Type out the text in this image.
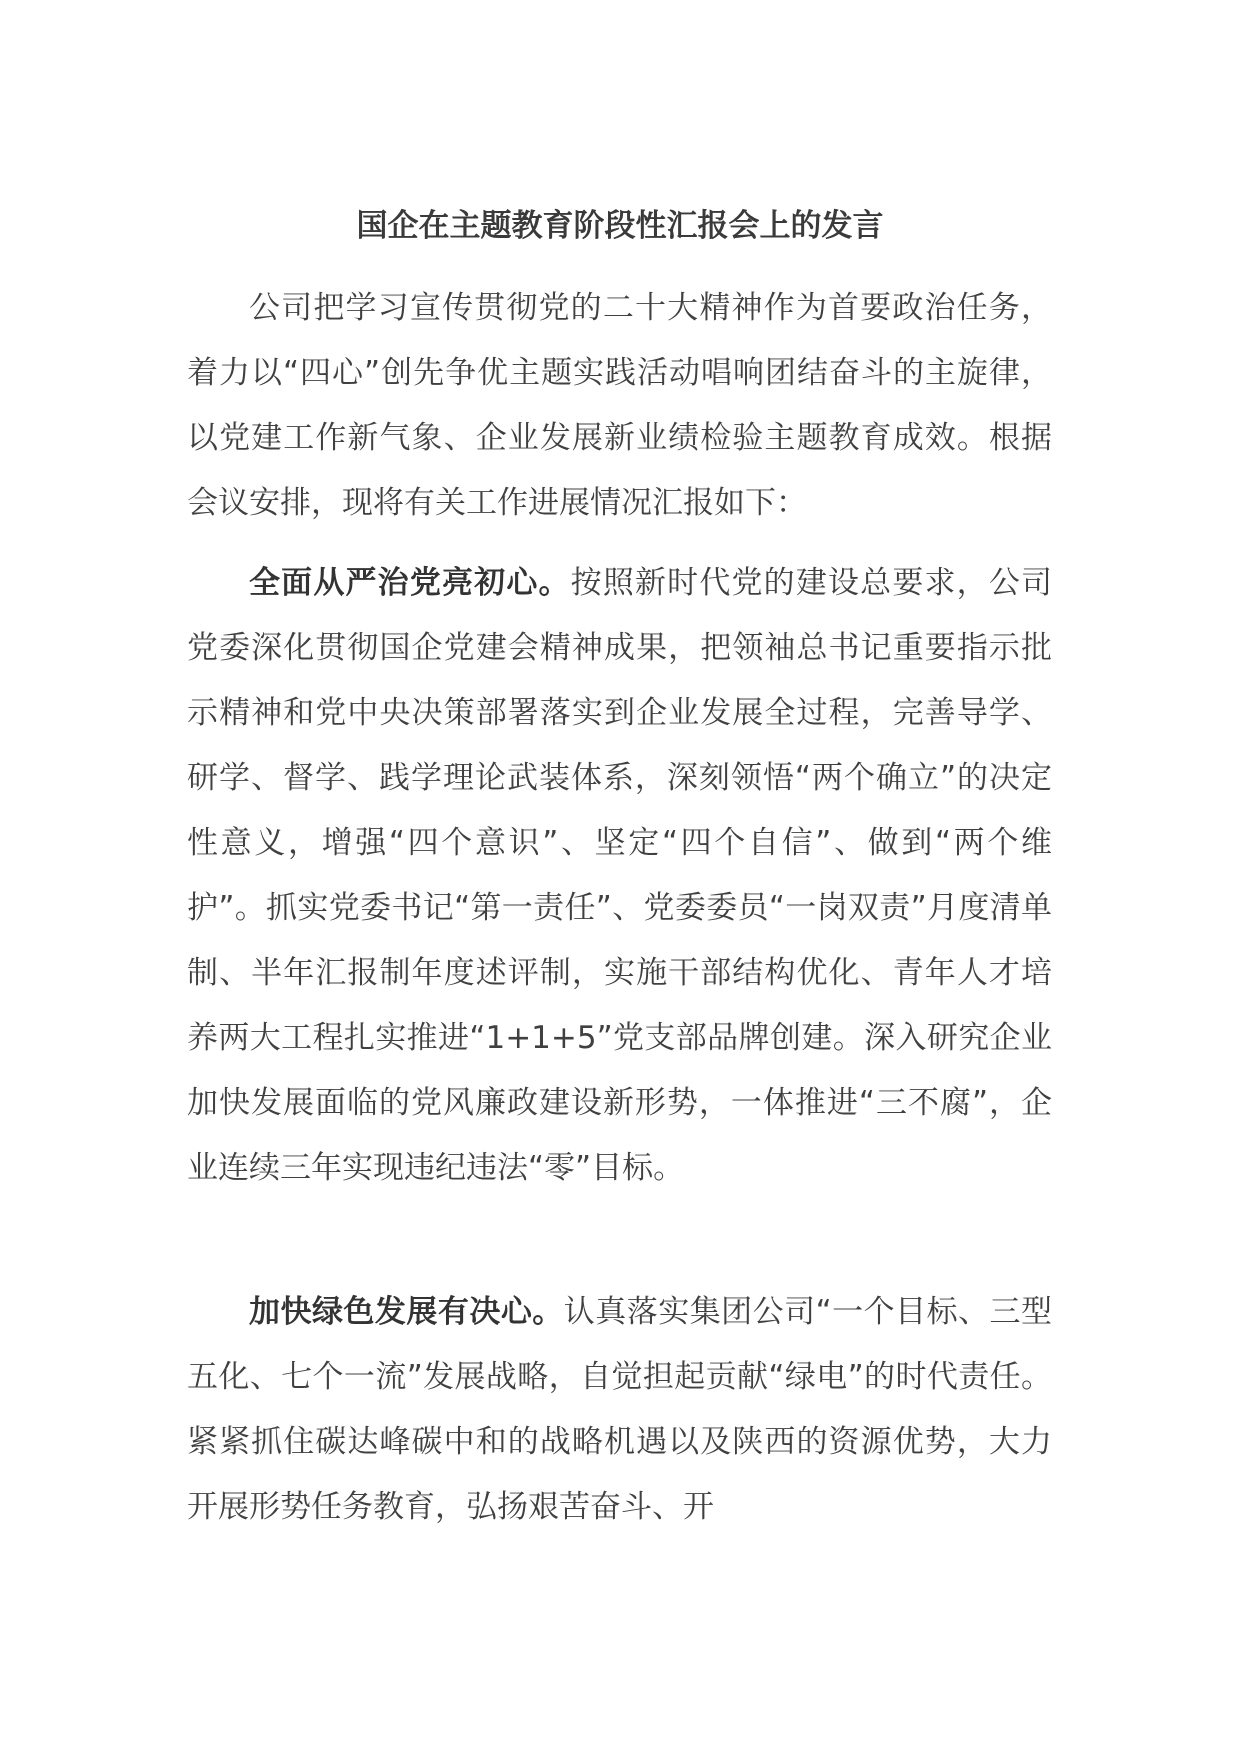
国企在主题教育阶段性汇报会上的发言

公司把学习宣传贯彻党的二十大精神作为首要政治任务，着力以“四心”创先争优主题实践活动唱响团结奋斗的主旋律，以党建工作新气象、企业发展新业绩检验主题教育成效。根据会议安排，现将有关工作进展情况汇报如下：

全面从严治党亮初心。按照新时代党的建设总要求，公司党委深化贯彻国企党建会精神成果，把领袖总书记重要指示批示精神和党中央决策部署落实到企业发展全过程，完善导学、研学、督学、践学理论武装体系，深刻领悟“两个确立”的决定性意义，增强“四个意识”、坚定“四个自信”、做到“两个维护”。抓实党委书记“第一责任”、党委委员“一岗双责”月度清单制、半年汇报制年度述评制，实施干部结构优化、青年人才培养两大工程扎实推进“1+1+5”党支部品牌创建。深入研究企业加快发展面临的党风廉政建设新形势，一体推进“三不腐”，企业连续三年实现违纪违法“零”目标。

加快绿色发展有决心。认真落实集团公司“一个目标、三型五化、七个一流”发展战略，自觉担起贡献“绿电”的时代责任。紧紧抓住碳达峰碳中和的战略机遇以及陕西的资源优势，大力开展形势任务教育，弘扬艰苦奋斗、开
